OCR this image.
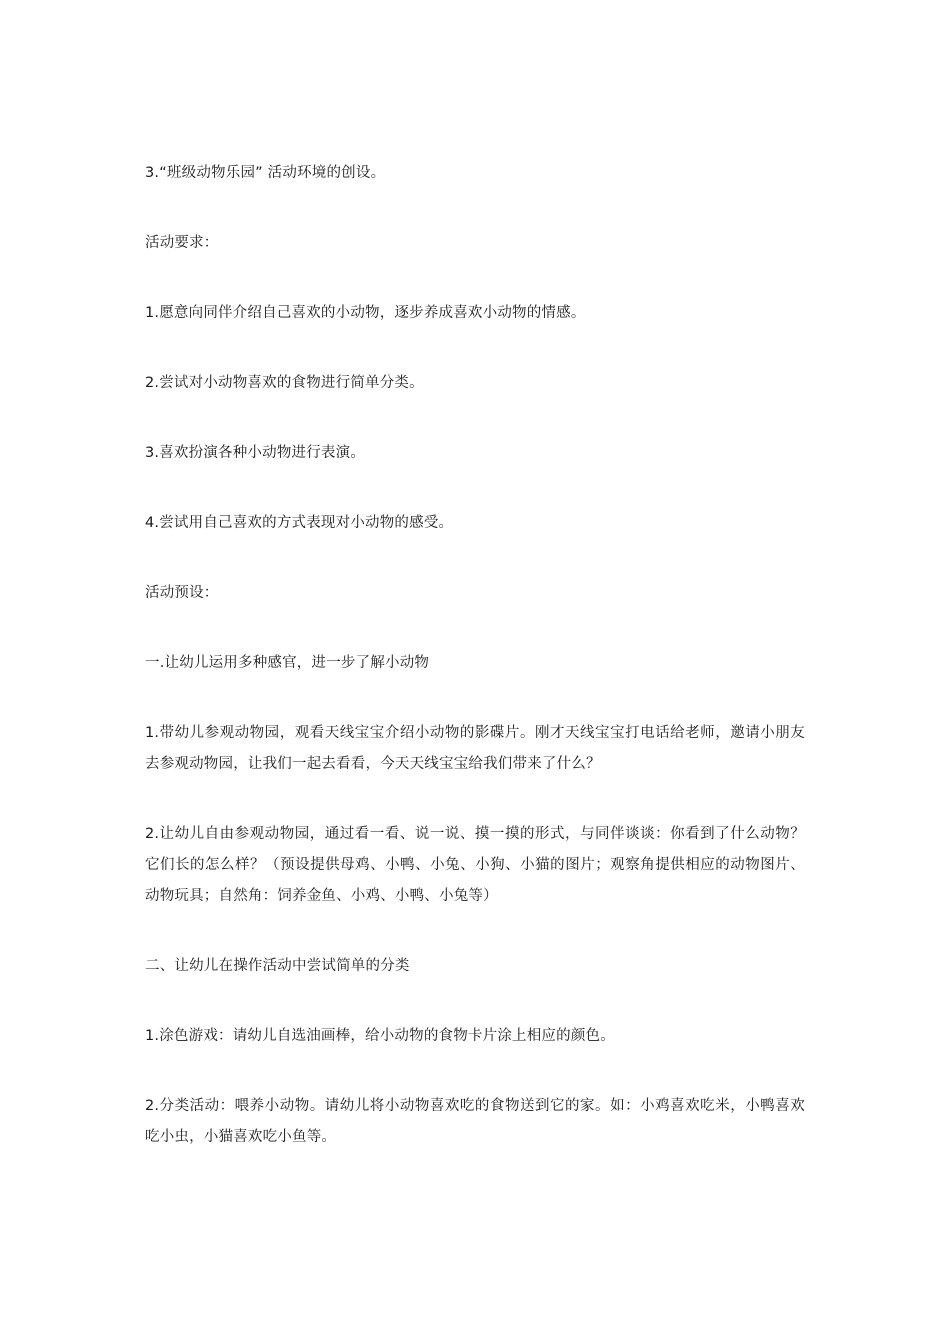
3.“班级动物乐园” 活动环境的创设。

活动要求：

1.愿意向同伴介绍自己喜欢的小动物，逐步养成喜欢小动物的情感。

2.尝试对小动物喜欢的食物进行简单分类。

3.喜欢扮演各种小动物进行表演。

4.尝试用自己喜欢的方式表现对小动物的感受。

活动预设：

一.让幼儿运用多种感官，进一步了解小动物

1.带幼儿参观动物园，观看天线宝宝介绍小动物的影碟片。刚才天线宝宝打电话给老师，邀请小朋友去参观动物园，让我们一起去看看，今天天线宝宝给我们带来了什么？

2.让幼儿自由参观动物园，通过看一看、说一说、摸一摸的形式，与同伴谈谈：你看到了什么动物？它们长的怎么样？（预设提供母鸡、小鸭、小兔、小狗、小猫的图片；观察角提供相应的动物图片、动物玩具；自然角：饲养金鱼、小鸡、小鸭、小兔等）

二、让幼儿在操作活动中尝试简单的分类

1.涂色游戏：请幼儿自选油画棒，给小动物的食物卡片涂上相应的颜色。

2.分类活动：喂养小动物。请幼儿将小动物喜欢吃的食物送到它的家。如：小鸡喜欢吃米，小鸭喜欢吃小虫，小猫喜欢吃小鱼等。
